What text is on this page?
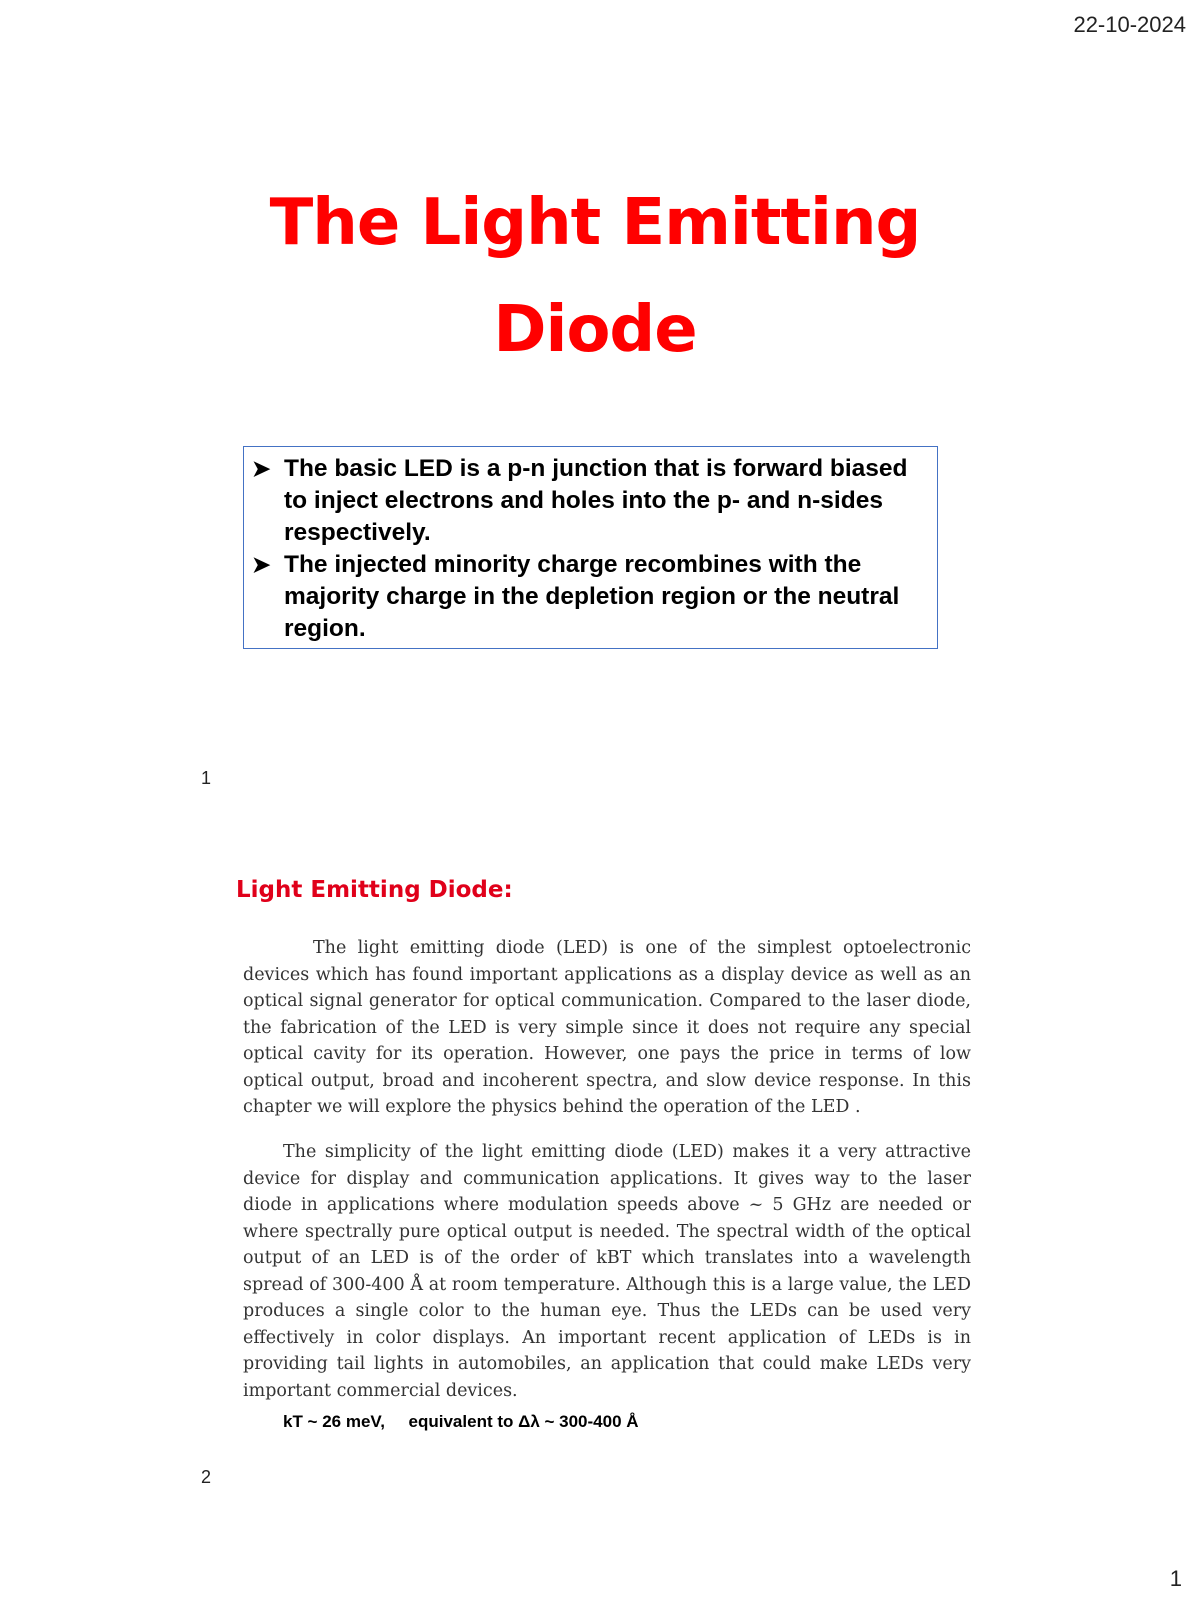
22-10-2024
The Light Emitting
Diode
➤ The basic LED is a p-n junction that is forward biased to inject electrons and holes into the p- and n-sides respectively.
➤ The injected minority charge recombines with the majority charge in the depletion region or the neutral region.
1
Light Emitting Diode:

The light emitting diode (LED) is one of the simplest optoelectronic devices which has found important applications as a display device as well as an optical signal generator for optical communication. Compared to the laser diode, the fabrication of the LED is very simple since it does not require any special optical cavity for its operation. However, one pays the price in terms of low optical output, broad and incoherent spectra, and slow device response. In this chapter we will explore the physics behind the operation of the LED .

The simplicity of the light emitting diode (LED) makes it a very attractive device for display and communication applications. It gives way to the laser diode in applications where modulation speeds above ~ 5 GHz are needed or where spectrally pure optical output is needed. The spectral width of the optical output of an LED is of the order of kBT which translates into a wavelength spread of 300-400 Å at room temperature. Although this is a large value, the LED produces a single color to the human eye. Thus the LEDs can be used very effectively in color displays. An important recent application of LEDs is in providing tail lights in automobiles, an application that could make LEDs very important commercial devices.

kT ~ 26 meV,     equivalent to Δλ ~ 300-400 Å
2
1
